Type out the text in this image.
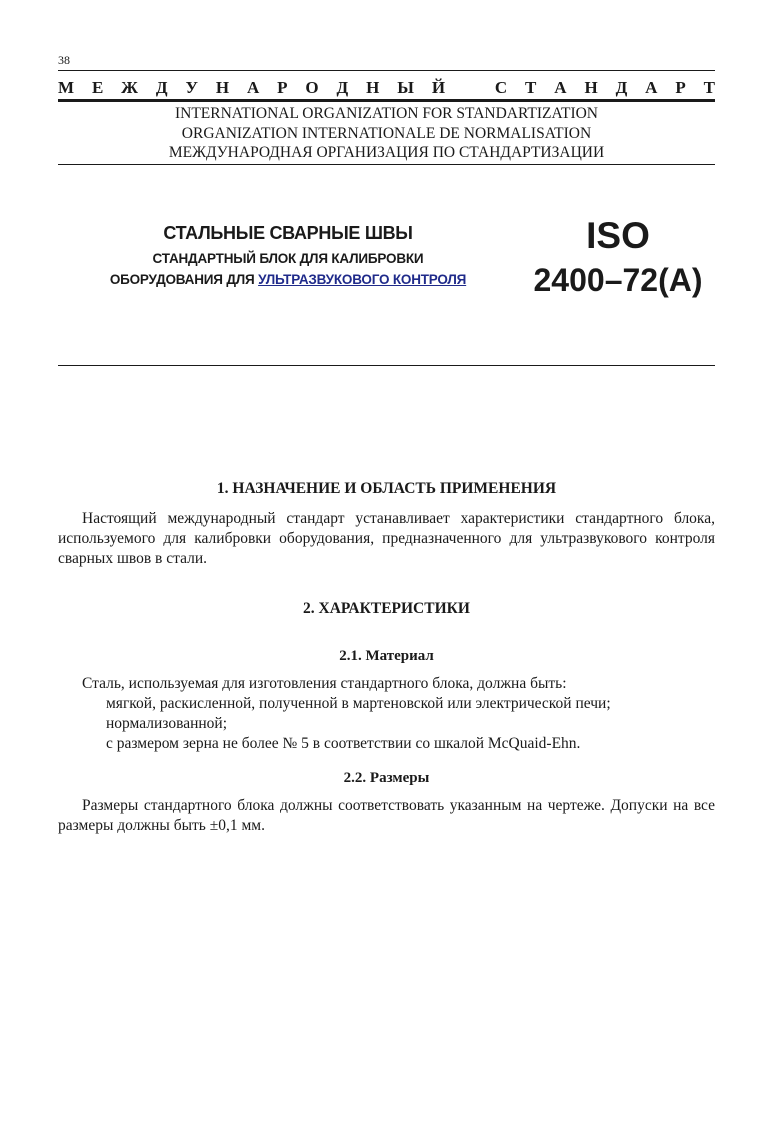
38
М Е Ж Д У Н А Р О Д Н Ы Й	С Т А Н Д А Р Т
INTERNATIONAL ORGANIZATION FOR STANDARTIZATION
ORGANIZATION INTERNATIONALE DE NORMALISATION
МЕЖДУНАРОДНАЯ ОРГАНИЗАЦИЯ ПО СТАНДАРТИЗАЦИИ
СТАЛЬНЫЕ СВАРНЫЕ ШВЫ
СТАНДАРТНЫЙ БЛОК ДЛЯ КАЛИБРОВКИ
ОБОРУДОВАНИЯ ДЛЯ УЛЬТРАЗВУКОВОГО КОНТРОЛЯ
ISO
2400–72(A)
1. НАЗНАЧЕНИЕ И ОБЛАСТЬ ПРИМЕНЕНИЯ

Настоящий международный стандарт устанавливает характеристики стандартного блока, используемого для калибровки оборудования, предназначенного для ультразвукового контроля сварных швов в стали.

2. ХАРАКТЕРИСТИКИ
2.1. Материал
Сталь, используемая для изготовления стандартного блока, должна быть:
мягкой, раскисленной, полученной в мартеновской или электрической печи;
нормализованной;
с размером зерна не более № 5 в соответствии со шкалой McQuaid-Ehn.
2.2. Размеры

Размеры стандартного блока должны соответствовать указанным на чертеже. Допуски на все размеры должны быть ±0,1 мм.
